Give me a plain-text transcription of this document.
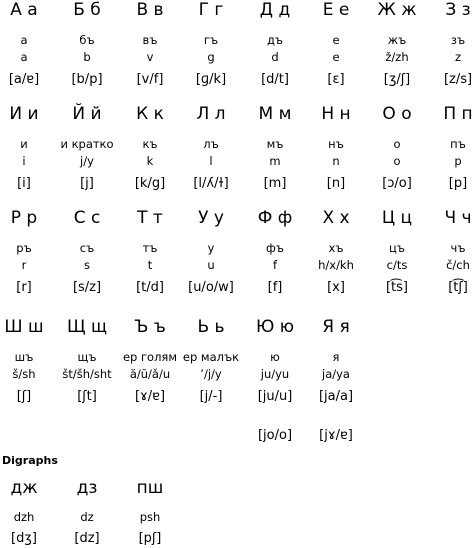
А а
а
a
[a/ɐ]
Б б
бъ
b
[b/p]
В в
въ
v
[v/f]
Г г
гъ
g
[ɡ/k]
Д д
дъ
d
[d/t]
Е е
е
e
[ɛ]
Ж ж
жъ
ž/zh
[ʒ/ʃ]
З з
зъ
z
[z/s]
И и
и
i
[i]
Й й
и кратко
j/y
[j]
К к
къ
k
[k/g]
Л л
лъ
l
[l/ʎ/ɫ]
М м
мъ
m
[m]
Н н
нъ
n
[n]
О о
о
o
[ɔ/o]
П п
пъ
p
[p]
Р р
ръ
r
[r]
С с
съ
s
[s/z]
Т т
тъ
t
[t/d]
У у
у
u
[u/o/w]
Ф ф
фъ
f
[f]
Х х
хъ
h/x/kh
[x]
Ц ц
цъ
c/ts
[t͡s]
Ч ч
чъ
č/ch
[t͡ʃ]
Ш ш
шъ
š/sh
[ʃ]
Щ щ
щъ
št/šh/sht
[ʃt]
Ъ ъ
ер голям
ă/ŭ/ǎ/u
[ɤ/ɐ]
Ь ь
ер малък
’/j/y
[j/-]
Ю ю
ю
ju/yu
[ju/u]
[jo/o]
Я я
я
ja/ya
[ja/a]
[jɤ/ɐ]
Digraphs
дж
dzh
[dʒ]
дз
dz
[dz]
пш
psh
[pʃ]
